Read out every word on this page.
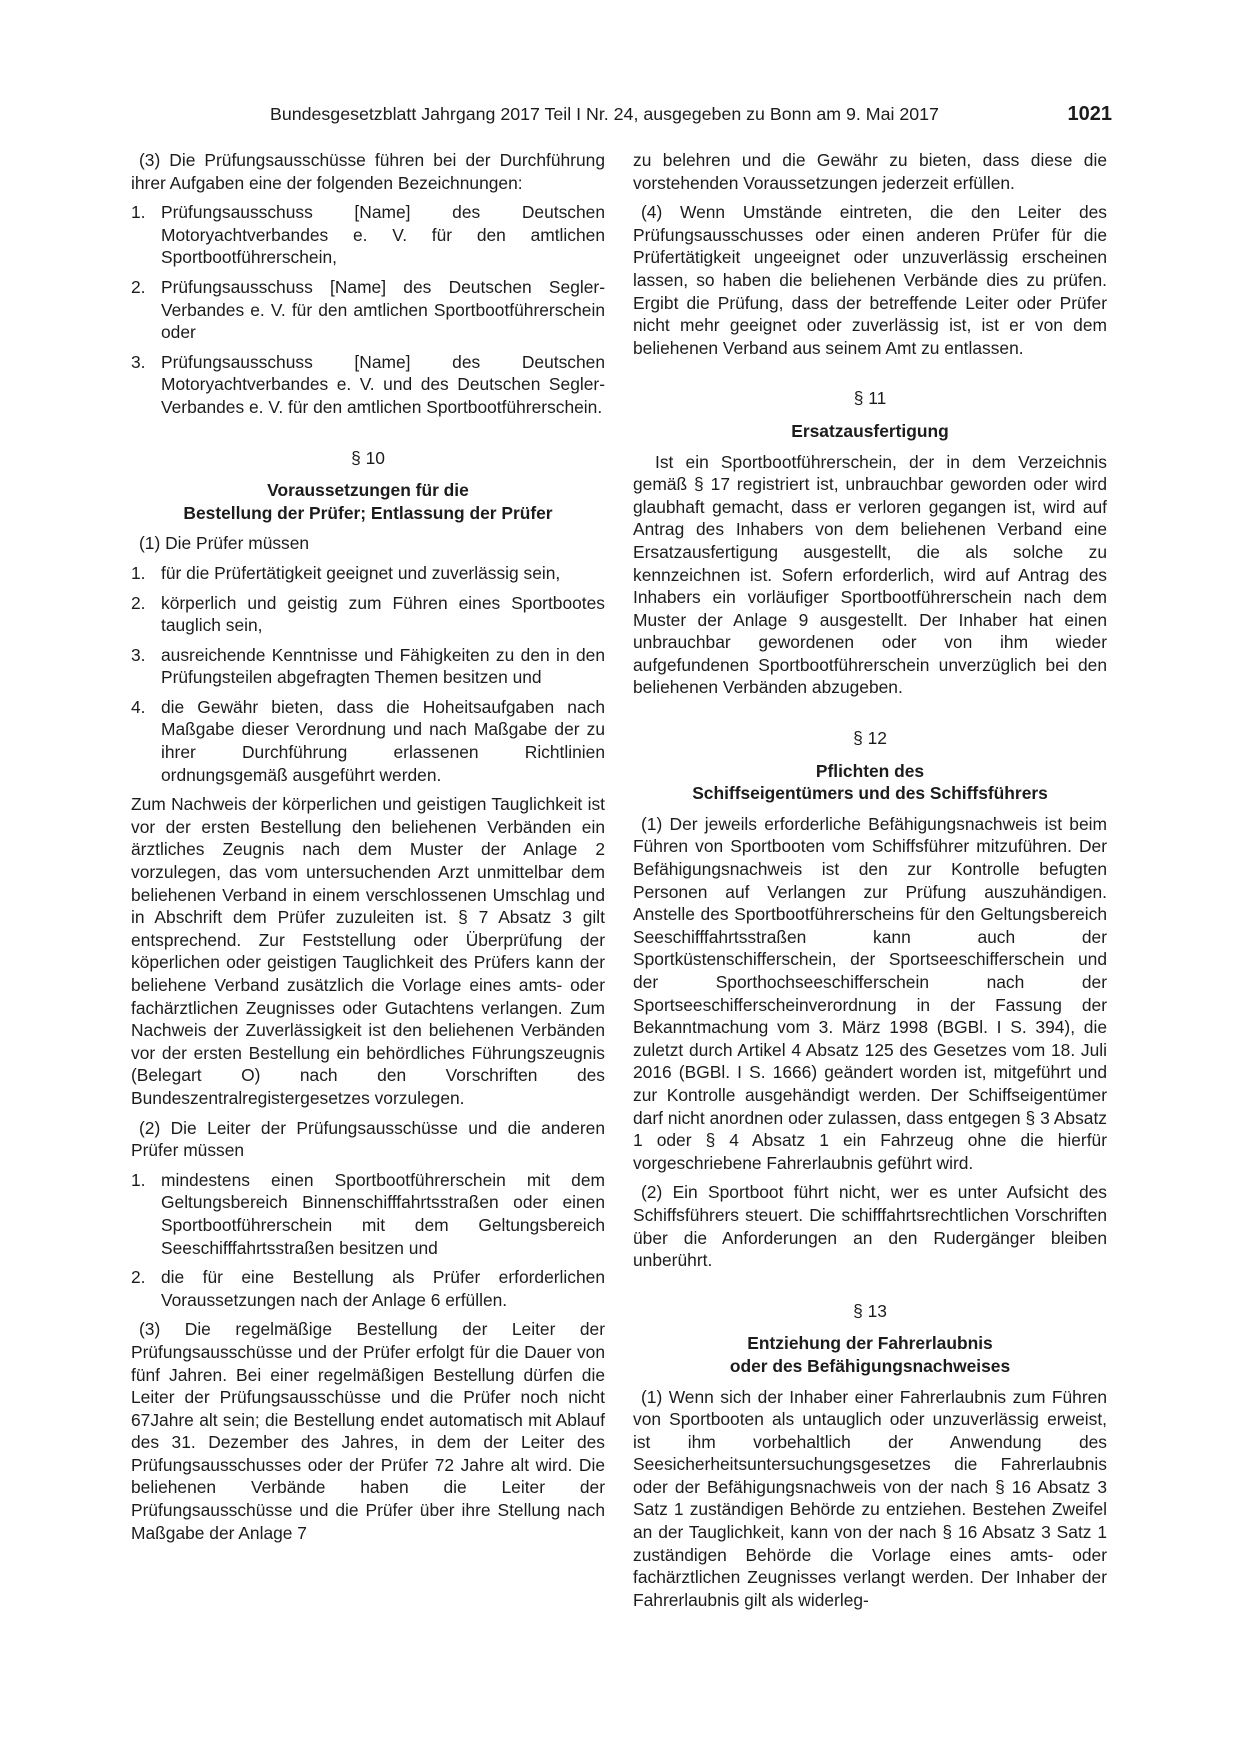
Bundesgesetzblatt Jahrgang 2017 Teil I Nr. 24, ausgegeben zu Bonn am 9. Mai 2017	1021

(3) Die Prüfungsausschüsse führen bei der Durchführung ihrer Aufgaben eine der folgenden Bezeichnungen:

1. Prüfungsausschuss [Name] des Deutschen Motoryachtverbandes e. V. für den amtlichen Sportbootführerschein,
2. Prüfungsausschuss [Name] des Deutschen Segler-Verbandes e. V. für den amtlichen Sportbootführerschein oder
3. Prüfungsausschuss [Name] des Deutschen Motoryachtverbandes e. V. und des Deutschen Segler-Verbandes e. V. für den amtlichen Sportbootführerschein.
§ 10
Voraussetzungen für die
Bestellung der Prüfer; Entlassung der Prüfer

(1) Die Prüfer müssen

1. für die Prüfertätigkeit geeignet und zuverlässig sein,
2. körperlich und geistig zum Führen eines Sportbootes tauglich sein,
3. ausreichende Kenntnisse und Fähigkeiten zu den in den Prüfungsteilen abgefragten Themen besitzen und
4. die Gewähr bieten, dass die Hoheitsaufgaben nach Maßgabe dieser Verordnung und nach Maßgabe der zu ihrer Durchführung erlassenen Richtlinien ordnungsgemäß ausgeführt werden.

Zum Nachweis der körperlichen und geistigen Tauglichkeit ist vor der ersten Bestellung den beliehenen Verbänden ein ärztliches Zeugnis nach dem Muster der Anlage 2 vorzulegen, das vom untersuchenden Arzt unmittelbar dem beliehenen Verband in einem verschlossenen Umschlag und in Abschrift dem Prüfer zuzuleiten ist. § 7 Absatz 3 gilt entsprechend. Zur Feststellung oder Überprüfung der köperlichen oder geistigen Tauglichkeit des Prüfers kann der beliehene Verband zusätzlich die Vorlage eines amts- oder fachärztlichen Zeugnisses oder Gutachtens verlangen. Zum Nachweis der Zuverlässigkeit ist den beliehenen Verbänden vor der ersten Bestellung ein behördliches Führungszeugnis (Belegart O) nach den Vorschriften des Bundeszentralregistergesetzes vorzulegen.

(2) Die Leiter der Prüfungsausschüsse und die anderen Prüfer müssen

1. mindestens einen Sportbootführerschein mit dem Geltungsbereich Binnenschifffahrtsstraßen oder einen Sportbootführerschein mit dem Geltungsbereich Seeschifffahrtsstraßen besitzen und
2. die für eine Bestellung als Prüfer erforderlichen Voraussetzungen nach der Anlage 6 erfüllen.

(3) Die regelmäßige Bestellung der Leiter der Prüfungsausschüsse und der Prüfer erfolgt für die Dauer von fünf Jahren. Bei einer regelmäßigen Bestellung dürfen die Leiter der Prüfungsausschüsse und die Prüfer noch nicht 67Jahre alt sein; die Bestellung endet automatisch mit Ablauf des 31. Dezember des Jahres, in dem der Leiter des Prüfungsausschusses oder der Prüfer 72 Jahre alt wird. Die beliehenen Verbände haben die Leiter der Prüfungsausschüsse und die Prüfer über ihre Stellung nach Maßgabe der Anlage 7

zu belehren und die Gewähr zu bieten, dass diese die vorstehenden Voraussetzungen jederzeit erfüllen.

(4) Wenn Umstände eintreten, die den Leiter des Prüfungsausschusses oder einen anderen Prüfer für die Prüfertätigkeit ungeeignet oder unzuverlässig erscheinen lassen, so haben die beliehenen Verbände dies zu prüfen. Ergibt die Prüfung, dass der betreffende Leiter oder Prüfer nicht mehr geeignet oder zuverlässig ist, ist er von dem beliehenen Verband aus seinem Amt zu entlassen.

§ 11
Ersatzausfertigung

Ist ein Sportbootführerschein, der in dem Verzeichnis gemäß § 17 registriert ist, unbrauchbar geworden oder wird glaubhaft gemacht, dass er verloren gegangen ist, wird auf Antrag des Inhabers von dem beliehenen Verband eine Ersatzausfertigung ausgestellt, die als solche zu kennzeichnen ist. Sofern erforderlich, wird auf Antrag des Inhabers ein vorläufiger Sportbootführerschein nach dem Muster der Anlage 9 ausgestellt. Der Inhaber hat einen unbrauchbar gewordenen oder von ihm wieder aufgefundenen Sportbootführerschein unverzüglich bei den beliehenen Verbänden abzugeben.

§ 12
Pflichten des
Schiffseigentümers und des Schiffsführers

(1) Der jeweils erforderliche Befähigungsnachweis ist beim Führen von Sportbooten vom Schiffsführer mitzuführen. Der Befähigungsnachweis ist den zur Kontrolle befugten Personen auf Verlangen zur Prüfung auszuhändigen. Anstelle des Sportbootführerscheins für den Geltungsbereich Seeschifffahrtsstraßen kann auch der Sportküstenschifferschein, der Sportseeschifferschein und der Sporthochseeschifferschein nach der Sportseeschifferscheinverordnung in der Fassung der Bekanntmachung vom 3. März 1998 (BGBl. I S. 394), die zuletzt durch Artikel 4 Absatz 125 des Gesetzes vom 18. Juli 2016 (BGBl. I S. 1666) geändert worden ist, mitgeführt und zur Kontrolle ausgehändigt werden. Der Schiffseigentümer darf nicht anordnen oder zulassen, dass entgegen § 3 Absatz 1 oder § 4 Absatz 1 ein Fahrzeug ohne die hierfür vorgeschriebene Fahrerlaubnis geführt wird.

(2) Ein Sportboot führt nicht, wer es unter Aufsicht des Schiffsführers steuert. Die schifffahrtsrechtlichen Vorschriften über die Anforderungen an den Rudergänger bleiben unberührt.

§ 13
Entziehung der Fahrerlaubnis
oder des Befähigungsnachweises

(1) Wenn sich der Inhaber einer Fahrerlaubnis zum Führen von Sportbooten als untauglich oder unzuverlässig erweist, ist ihm vorbehaltlich der Anwendung des Seesicherheitsuntersuchungsgesetzes die Fahrerlaubnis oder der Befähigungsnachweis von der nach § 16 Absatz 3 Satz 1 zuständigen Behörde zu entziehen. Bestehen Zweifel an der Tauglichkeit, kann von der nach § 16 Absatz 3 Satz 1 zuständigen Behörde die Vorlage eines amts- oder fachärztlichen Zeugnisses verlangt werden. Der Inhaber der Fahrerlaubnis gilt als widerleg-
